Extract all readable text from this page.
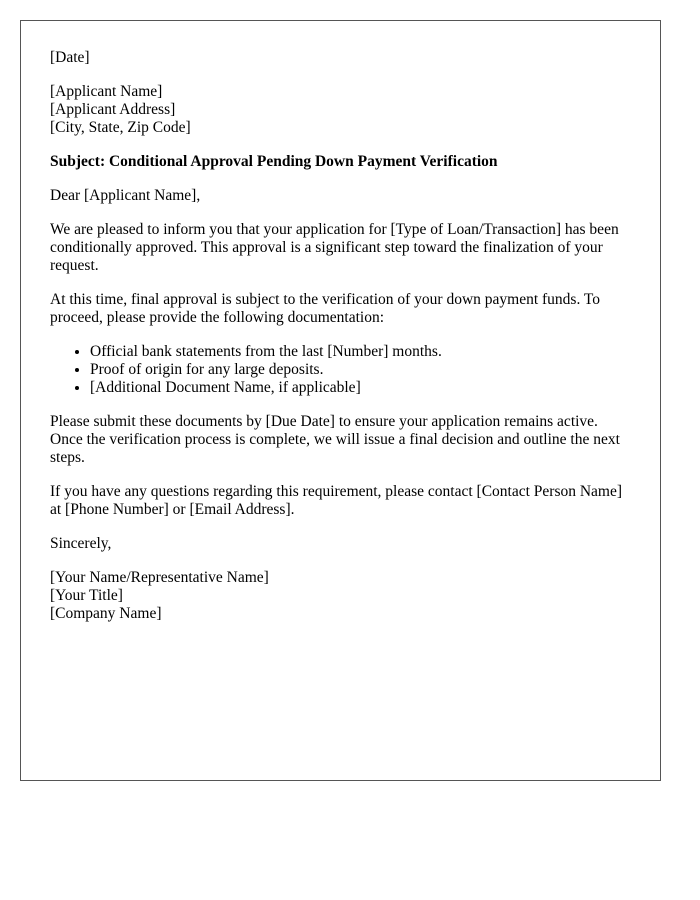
[Date]

[Applicant Name]
[Applicant Address]
[City, State, Zip Code]

Subject: Conditional Approval Pending Down Payment Verification

Dear [Applicant Name],

We are pleased to inform you that your application for [Type of Loan/Transaction] has been conditionally approved. This approval is a significant step toward the finalization of your request.

At this time, final approval is subject to the verification of your down payment funds. To proceed, please provide the following documentation:

• Official bank statements from the last [Number] months.
• Proof of origin for any large deposits.
• [Additional Document Name, if applicable]

Please submit these documents by [Due Date] to ensure your application remains active. Once the verification process is complete, we will issue a final decision and outline the next steps.

If you have any questions regarding this requirement, please contact [Contact Person Name] at [Phone Number] or [Email Address].

Sincerely,

[Your Name/Representative Name]
[Your Title]
[Company Name]
